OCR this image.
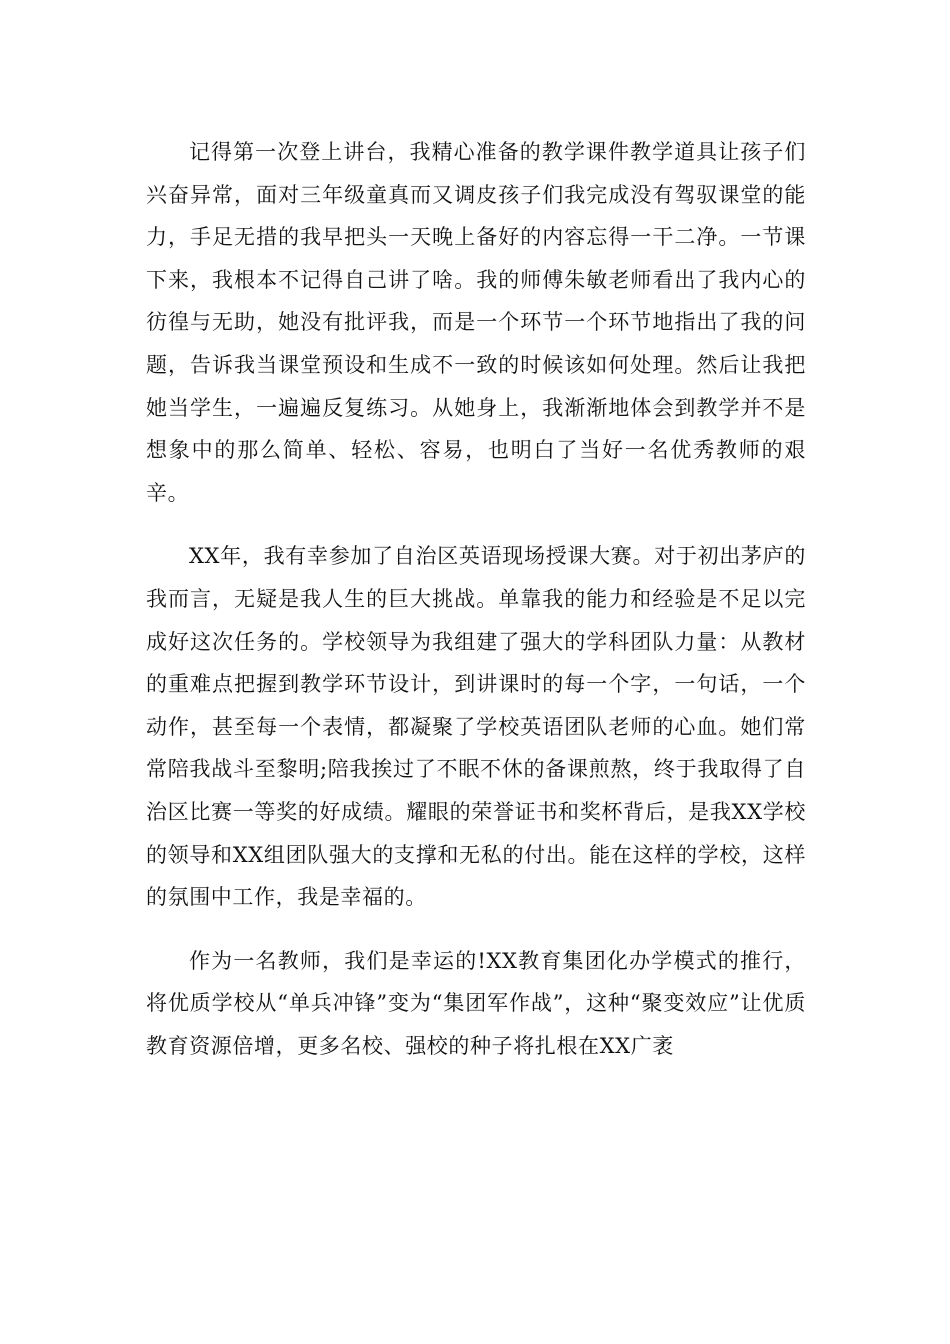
记得第一次登上讲台，我精心准备的教学课件教学道具让孩子们兴奋异常，面对三年级童真而又调皮孩子们我完成没有驾驭课堂的能力，手足无措的我早把头一天晚上备好的内容忘得一干二净。一节课下来，我根本不记得自己讲了啥。我的师傅朱敏老师看出了我内心的彷徨与无助，她没有批评我，而是一个环节一个环节地指出了我的问题，告诉我当课堂预设和生成不一致的时候该如何处理。然后让我把她当学生，一遍遍反复练习。从她身上，我渐渐地体会到教学并不是想象中的那么简单、轻松、容易，也明白了当好一名优秀教师的艰辛。

XX年，我有幸参加了自治区英语现场授课大赛。对于初出茅庐的我而言，无疑是我人生的巨大挑战。单靠我的能力和经验是不足以完成好这次任务的。学校领导为我组建了强大的学科团队力量：从教材的重难点把握到教学环节设计，到讲课时的每一个字，一句话，一个动作，甚至每一个表情，都凝聚了学校英语团队老师的心血。她们常常陪我战斗至黎明;陪我挨过了不眠不休的备课煎熬，终于我取得了自治区比赛一等奖的好成绩。耀眼的荣誉证书和奖杯背后，是我XX学校的领导和XX组团队强大的支撑和无私的付出。能在这样的学校，这样的氛围中工作，我是幸福的。

作为一名教师，我们是幸运的!XX教育集团化办学模式的推行，将优质学校从“单兵冲锋”变为“集团军作战”，这种“聚变效应”让优质教育资源倍增，更多名校、强校的种子将扎根在XX广袤
